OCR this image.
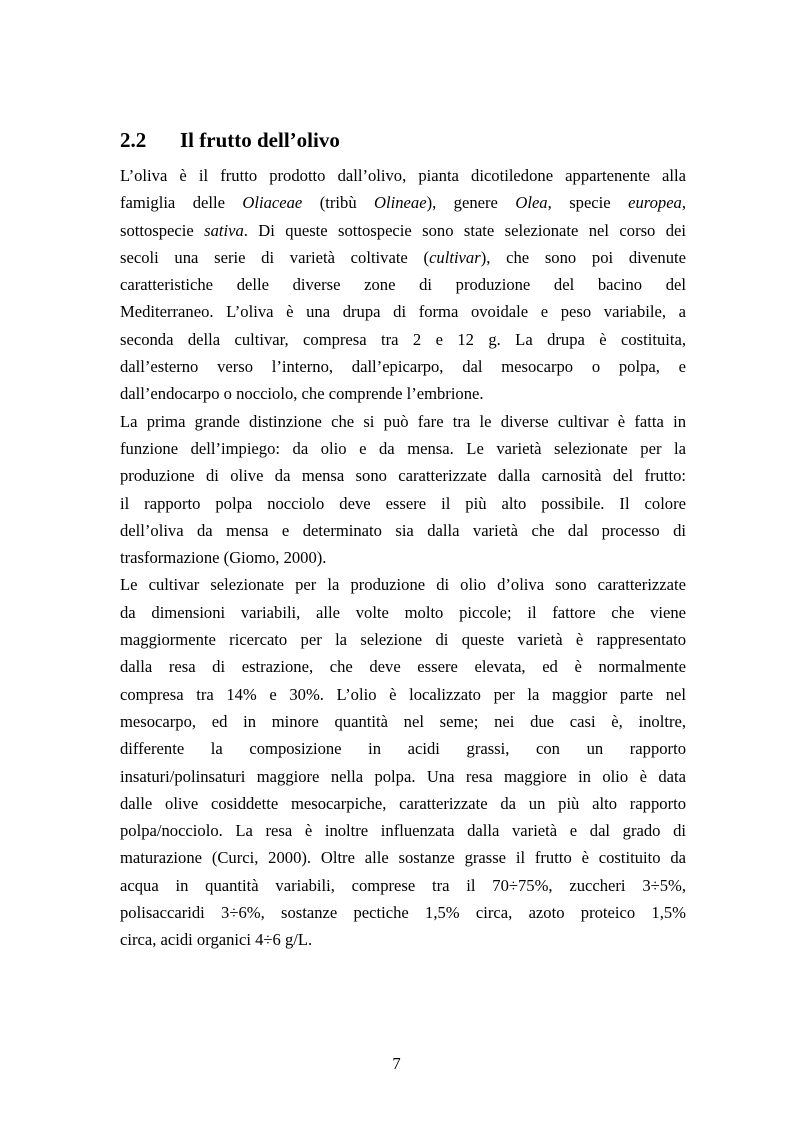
2.2 Il frutto dell’olivo
L’oliva è il frutto prodotto dall’olivo, pianta dicotiledone appartenente alla
famiglia delle Oliaceae (tribù Olineae), genere Olea, specie europea,
sottospecie sativa. Di queste sottospecie sono state selezionate nel corso dei
secoli una serie di varietà coltivate (cultivar), che sono poi divenute
caratteristiche delle diverse zone di produzione del bacino del
Mediterraneo. L’oliva è una drupa di forma ovoidale e peso variabile, a
seconda della cultivar, compresa tra 2 e 12 g. La drupa è costituita,
dall’esterno verso l’interno, dall’epicarpo, dal mesocarpo o polpa, e
dall’endocarpo o nocciolo, che comprende l’embrione.
La prima grande distinzione che si può fare tra le diverse cultivar è fatta in
funzione dell’impiego: da olio e da mensa. Le varietà selezionate per la
produzione di olive da mensa sono caratterizzate dalla carnosità del frutto:
il rapporto polpa nocciolo deve essere il più alto possibile. Il colore
dell’oliva da mensa e determinato sia dalla varietà che dal processo di
trasformazione (Giomo, 2000).
Le cultivar selezionate per la produzione di olio d’oliva sono caratterizzate
da dimensioni variabili, alle volte molto piccole; il fattore che viene
maggiormente ricercato per la selezione di queste varietà è rappresentato
dalla resa di estrazione, che deve essere elevata, ed è normalmente
compresa tra 14% e 30%. L’olio è localizzato per la maggior parte nel
mesocarpo, ed in minore quantità nel seme; nei due casi è, inoltre,
differente la composizione in acidi grassi, con un rapporto
insaturi/polinsaturi maggiore nella polpa. Una resa maggiore in olio è data
dalle olive cosiddette mesocarpiche, caratterizzate da un più alto rapporto
polpa/nocciolo. La resa è inoltre influenzata dalla varietà e dal grado di
maturazione (Curci, 2000). Oltre alle sostanze grasse il frutto è costituito da
acqua in quantità variabili, comprese tra il 70÷75%, zuccheri 3÷5%,
polisaccaridi 3÷6%, sostanze pectiche 1,5% circa, azoto proteico 1,5%
circa, acidi organici 4÷6 g/L.
7
